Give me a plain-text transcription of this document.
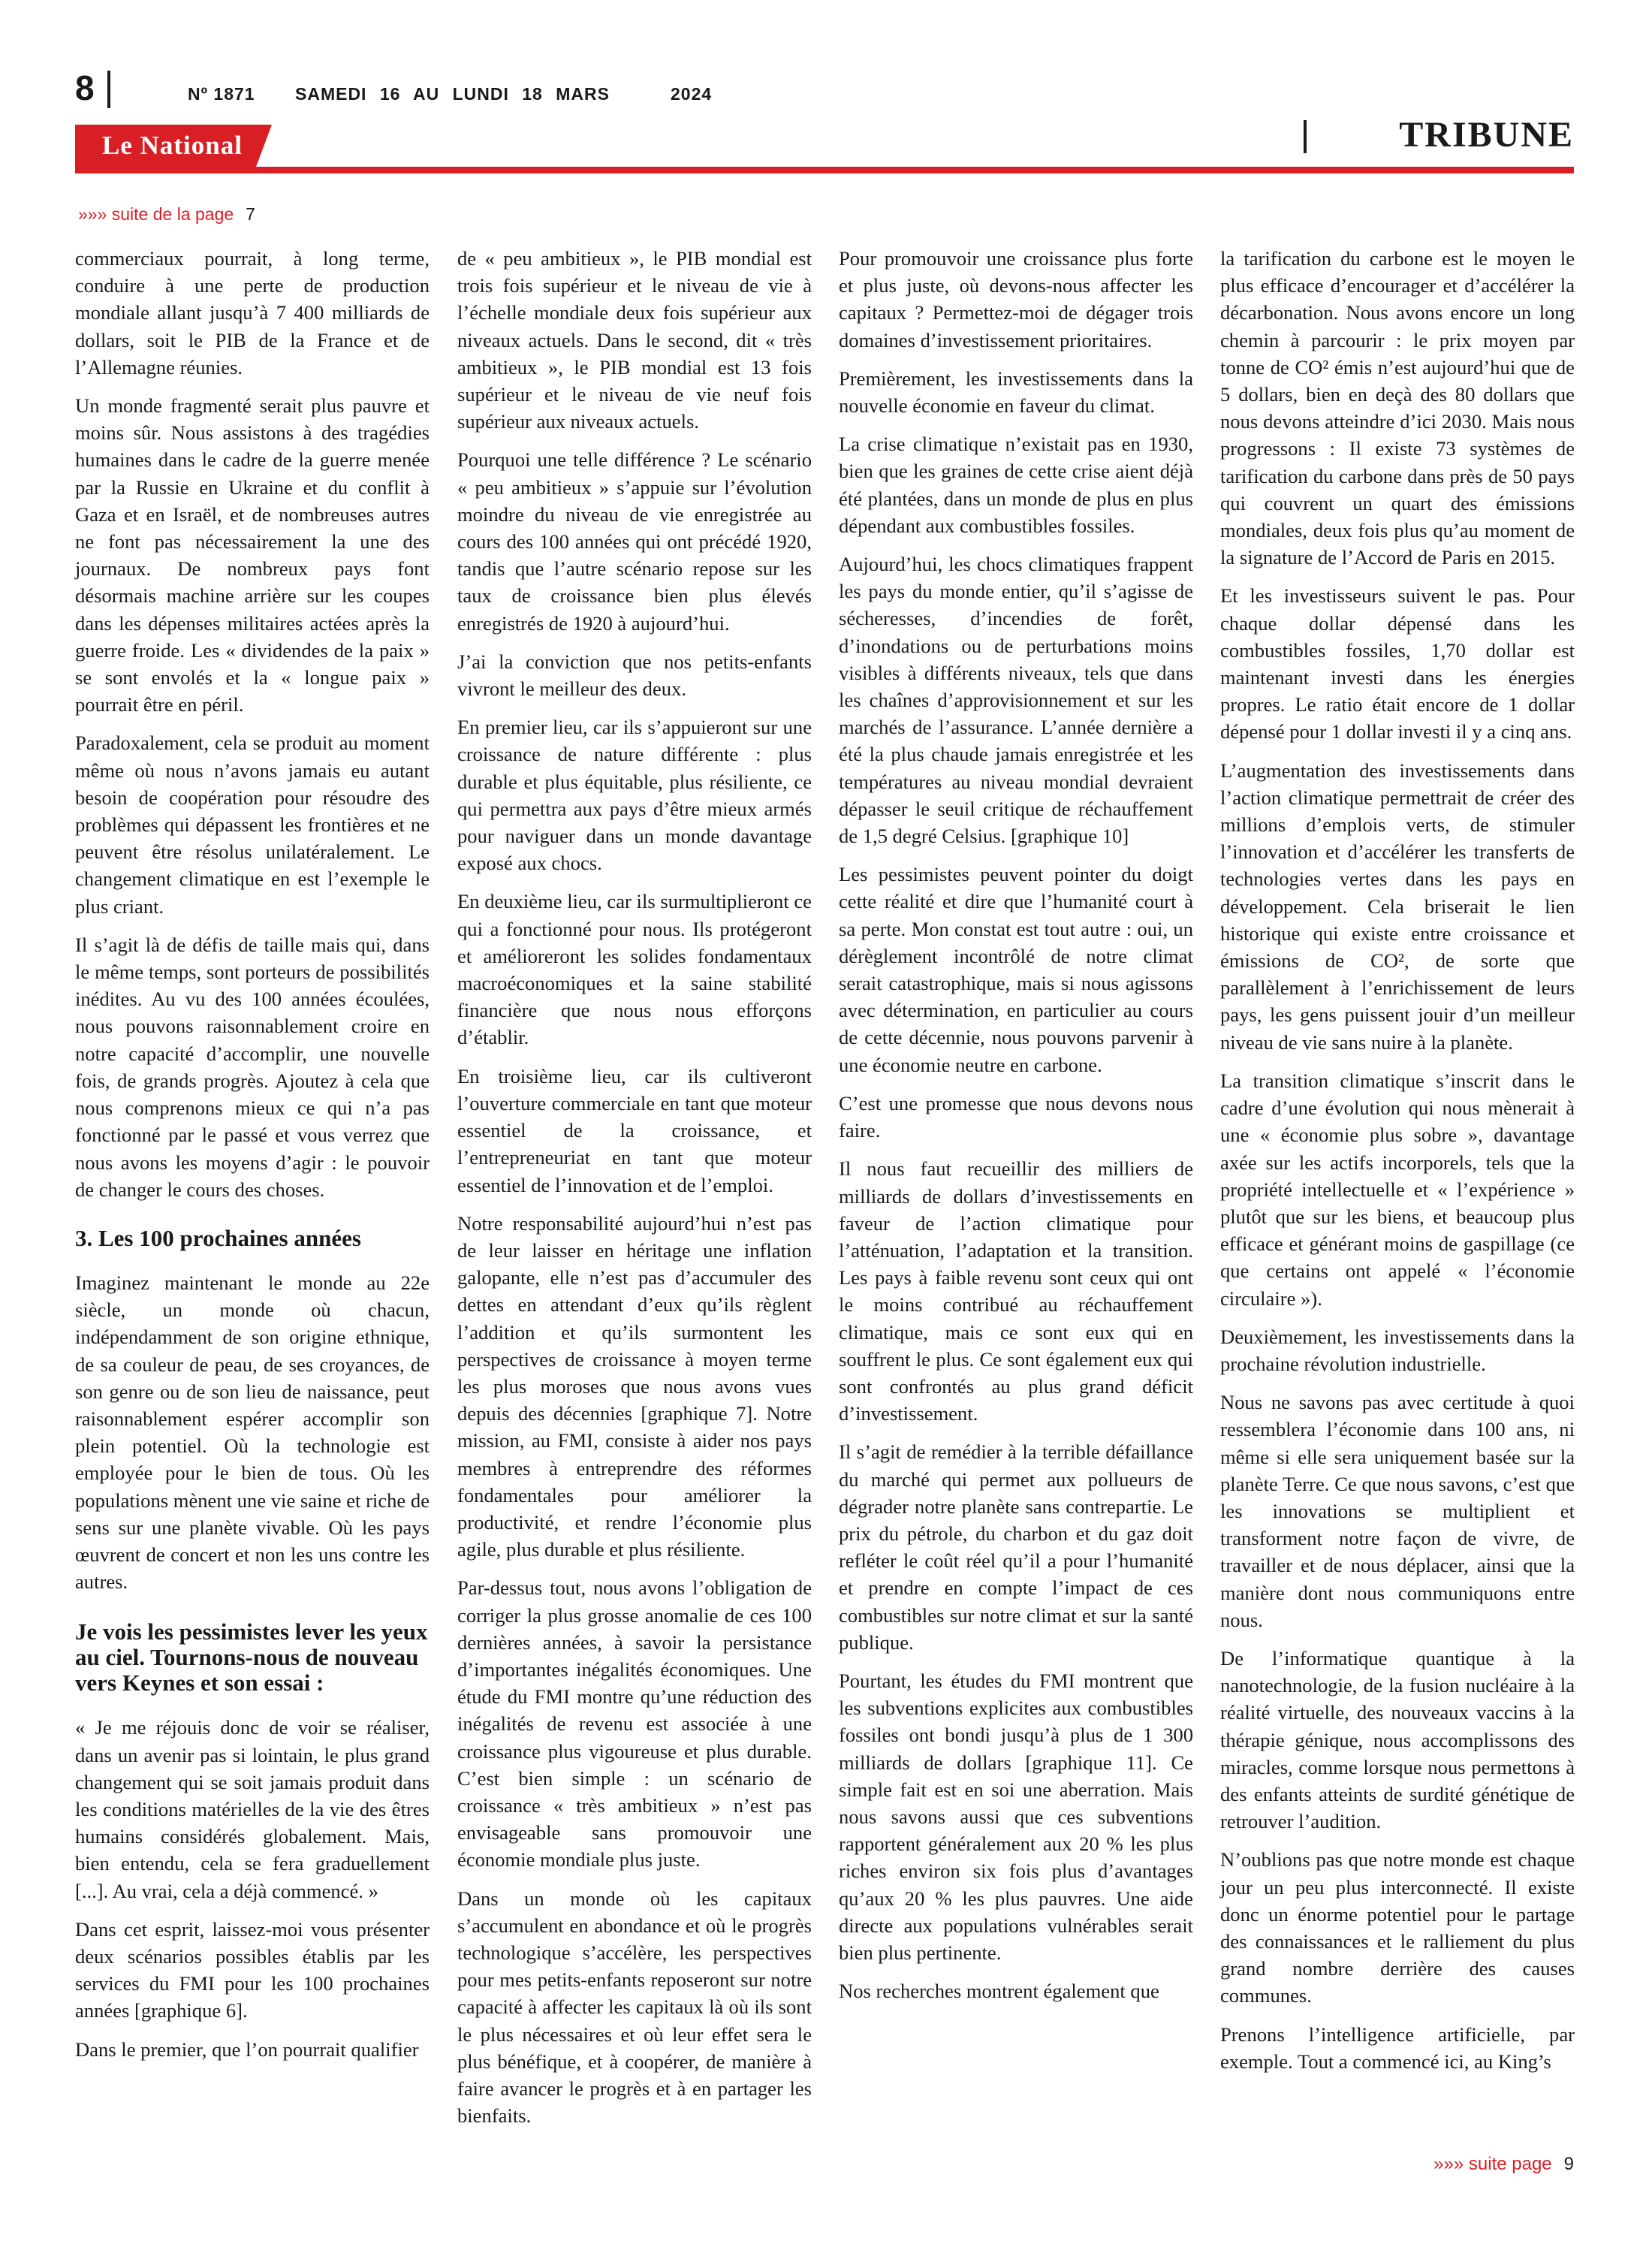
8	Nº 1871 SAMEDI 16 AU LUNDI 18 MARS	2024
Le National	TRIBUNE
»»» suite de la page 7

commerciaux pourrait, à long terme, conduire à une perte de production mondiale allant jusqu’à 7 400 milliards de dollars, soit le PIB de la France et de l’Allemagne réunies.

Un monde fragmenté serait plus pauvre et moins sûr. Nous assistons à des tragédies humaines dans le cadre de la guerre menée par la Russie en Ukraine et du conflit à Gaza et en Israël, et de nombreuses autres ne font pas nécessairement la une des journaux. De nombreux pays font désormais machine arrière sur les coupes dans les dépenses militaires actées après la guerre froide. Les « dividendes de la paix » se sont envolés et la « longue paix » pourrait être en péril.

Paradoxalement, cela se produit au moment même où nous n’avons jamais eu autant besoin de coopération pour résoudre des problèmes qui dépassent les frontières et ne peuvent être résolus unilatéralement. Le changement climatique en est l’exemple le plus criant.

Il s’agit là de défis de taille mais qui, dans le même temps, sont porteurs de possibilités inédites. Au vu des 100 années écoulées, nous pouvons raisonnablement croire en notre capacité d’accomplir, une nouvelle fois, de grands progrès. Ajoutez à cela que nous comprenons mieux ce qui n’a pas fonctionné par le passé et vous verrez que nous avons les moyens d’agir : le pouvoir de changer le cours des choses.

3. Les 100 prochaines années

Imaginez maintenant le monde au 22e siècle, un monde où chacun, indépendamment de son origine ethnique, de sa couleur de peau, de ses croyances, de son genre ou de son lieu de naissance, peut raisonnablement espérer accomplir son plein potentiel. Où la technologie est employée pour le bien de tous. Où les populations mènent une vie saine et riche de sens sur une planète vivable. Où les pays œuvrent de concert et non les uns contre les autres.

Je vois les pessimistes lever les yeux au ciel. Tournons-nous de nouveau vers Keynes et son essai :

« Je me réjouis donc de voir se réaliser, dans un avenir pas si lointain, le plus grand changement qui se soit jamais produit dans les conditions matérielles de la vie des êtres humains considérés globalement. Mais, bien entendu, cela se fera graduellement [...]. Au vrai, cela a déjà commencé. »

Dans cet esprit, laissez-moi vous présenter deux scénarios possibles établis par les services du FMI pour les 100 prochaines années [graphique 6].

Dans le premier, que l’on pourrait qualifier

de « peu ambitieux », le PIB mondial est trois fois supérieur et le niveau de vie à l’échelle mondiale deux fois supérieur aux niveaux actuels. Dans le second, dit « très ambitieux », le PIB mondial est 13 fois supérieur et le niveau de vie neuf fois supérieur aux niveaux actuels.

Pourquoi une telle différence ? Le scénario « peu ambitieux » s’appuie sur l’évolution moindre du niveau de vie enregistrée au cours des 100 années qui ont précédé 1920, tandis que l’autre scénario repose sur les taux de croissance bien plus élevés enregistrés de 1920 à aujourd’hui.

J’ai la conviction que nos petits-enfants vivront le meilleur des deux.

En premier lieu, car ils s’appuieront sur une croissance de nature différente : plus durable et plus équitable, plus résiliente, ce qui permettra aux pays d’être mieux armés pour naviguer dans un monde davantage exposé aux chocs.

En deuxième lieu, car ils surmultiplieront ce qui a fonctionné pour nous. Ils protégeront et amélioreront les solides fondamentaux macroéconomiques et la saine stabilité financière que nous nous efforçons d’établir.

En troisième lieu, car ils cultiveront l’ouverture commerciale en tant que moteur essentiel de la croissance, et l’entrepreneuriat en tant que moteur essentiel de l’innovation et de l’emploi.

Notre responsabilité aujourd’hui n’est pas de leur laisser en héritage une inflation galopante, elle n’est pas d’accumuler des dettes en attendant d’eux qu’ils règlent l’addition et qu’ils surmontent les perspectives de croissance à moyen terme les plus moroses que nous avons vues depuis des décennies [graphique 7]. Notre mission, au FMI, consiste à aider nos pays membres à entreprendre des réformes fondamentales pour améliorer la productivité, et rendre l’économie plus agile, plus durable et plus résiliente.

Par-dessus tout, nous avons l’obligation de corriger la plus grosse anomalie de ces 100 dernières années, à savoir la persistance d’importantes inégalités économiques. Une étude du FMI montre qu’une réduction des inégalités de revenu est associée à une croissance plus vigoureuse et plus durable. C’est bien simple : un scénario de croissance « très ambitieux » n’est pas envisageable sans promouvoir une économie mondiale plus juste.

Dans un monde où les capitaux s’accumulent en abondance et où le progrès technologique s’accélère, les perspectives pour mes petits-enfants reposeront sur notre capacité à affecter les capitaux là où ils sont le plus nécessaires et où leur effet sera le plus bénéfique, et à coopérer, de manière à faire avancer le progrès et à en partager les bienfaits.

Pour promouvoir une croissance plus forte et plus juste, où devons-nous affecter les capitaux ? Permettez-moi de dégager trois domaines d’investissement prioritaires.

Premièrement, les investissements dans la nouvelle économie en faveur du climat.

La crise climatique n’existait pas en 1930, bien que les graines de cette crise aient déjà été plantées, dans un monde de plus en plus dépendant aux combustibles fossiles.

Aujourd’hui, les chocs climatiques frappent les pays du monde entier, qu’il s’agisse de sécheresses, d’incendies de forêt, d’inondations ou de perturbations moins visibles à différents niveaux, tels que dans les chaînes d’approvisionnement et sur les marchés de l’assurance. L’année dernière a été la plus chaude jamais enregistrée et les températures au niveau mondial devraient dépasser le seuil critique de réchauffement de 1,5 degré Celsius. [graphique 10]

Les pessimistes peuvent pointer du doigt cette réalité et dire que l’humanité court à sa perte. Mon constat est tout autre : oui, un dérèglement incontrôlé de notre climat serait catastrophique, mais si nous agissons avec détermination, en particulier au cours de cette décennie, nous pouvons parvenir à une économie neutre en carbone.

C’est une promesse que nous devons nous faire.

Il nous faut recueillir des milliers de milliards de dollars d’investissements en faveur de l’action climatique pour l’atténuation, l’adaptation et la transition. Les pays à faible revenu sont ceux qui ont le moins contribué au réchauffement climatique, mais ce sont eux qui en souffrent le plus. Ce sont également eux qui sont confrontés au plus grand déficit d’investissement.

Il s’agit de remédier à la terrible défaillance du marché qui permet aux pollueurs de dégrader notre planète sans contrepartie. Le prix du pétrole, du charbon et du gaz doit refléter le coût réel qu’il a pour l’humanité et prendre en compte l’impact de ces combustibles sur notre climat et sur la santé publique.

Pourtant, les études du FMI montrent que les subventions explicites aux combustibles fossiles ont bondi jusqu’à plus de 1 300 milliards de dollars [graphique 11]. Ce simple fait est en soi une aberration. Mais nous savons aussi que ces subventions rapportent généralement aux 20 % les plus riches environ six fois plus d’avantages qu’aux 20 % les plus pauvres. Une aide directe aux populations vulnérables serait bien plus pertinente.

Nos recherches montrent également que

la tarification du carbone est le moyen le plus efficace d’encourager et d’accélérer la décarbonation. Nous avons encore un long chemin à parcourir : le prix moyen par tonne de CO² émis n’est aujourd’hui que de 5 dollars, bien en deçà des 80 dollars que nous devons atteindre d’ici 2030. Mais nous progressons : Il existe 73 systèmes de tarification du carbone dans près de 50 pays qui couvrent un quart des émissions mondiales, deux fois plus qu’au moment de la signature de l’Accord de Paris en 2015.

Et les investisseurs suivent le pas. Pour chaque dollar dépensé dans les combustibles fossiles, 1,70 dollar est maintenant investi dans les énergies propres. Le ratio était encore de 1 dollar dépensé pour 1 dollar investi il y a cinq ans.

L’augmentation des investissements dans l’action climatique permettrait de créer des millions d’emplois verts, de stimuler l’innovation et d’accélérer les transferts de technologies vertes dans les pays en développement. Cela briserait le lien historique qui existe entre croissance et émissions de CO², de sorte que parallèlement à l’enrichissement de leurs pays, les gens puissent jouir d’un meilleur niveau de vie sans nuire à la planète.

La transition climatique s’inscrit dans le cadre d’une évolution qui nous mènerait à une « économie plus sobre », davantage axée sur les actifs incorporels, tels que la propriété intellectuelle et « l’expérience » plutôt que sur les biens, et beaucoup plus efficace et générant moins de gaspillage (ce que certains ont appelé « l’économie circulaire »).

Deuxièmement, les investissements dans la prochaine révolution industrielle.

Nous ne savons pas avec certitude à quoi ressemblera l’économie dans 100 ans, ni même si elle sera uniquement basée sur la planète Terre. Ce que nous savons, c’est que les innovations se multiplient et transforment notre façon de vivre, de travailler et de nous déplacer, ainsi que la manière dont nous communiquons entre nous.

De l’informatique quantique à la nanotechnologie, de la fusion nucléaire à la réalité virtuelle, des nouveaux vaccins à la thérapie génique, nous accomplissons des miracles, comme lorsque nous permettons à des enfants atteints de surdité génétique de retrouver l’audition.

N’oublions pas que notre monde est chaque jour un peu plus interconnecté. Il existe donc un énorme potentiel pour le partage des connaissances et le ralliement du plus grand nombre derrière des causes communes.

Prenons l’intelligence artificielle, par exemple. Tout a commencé ici, au King’s

»»» suite page 9
